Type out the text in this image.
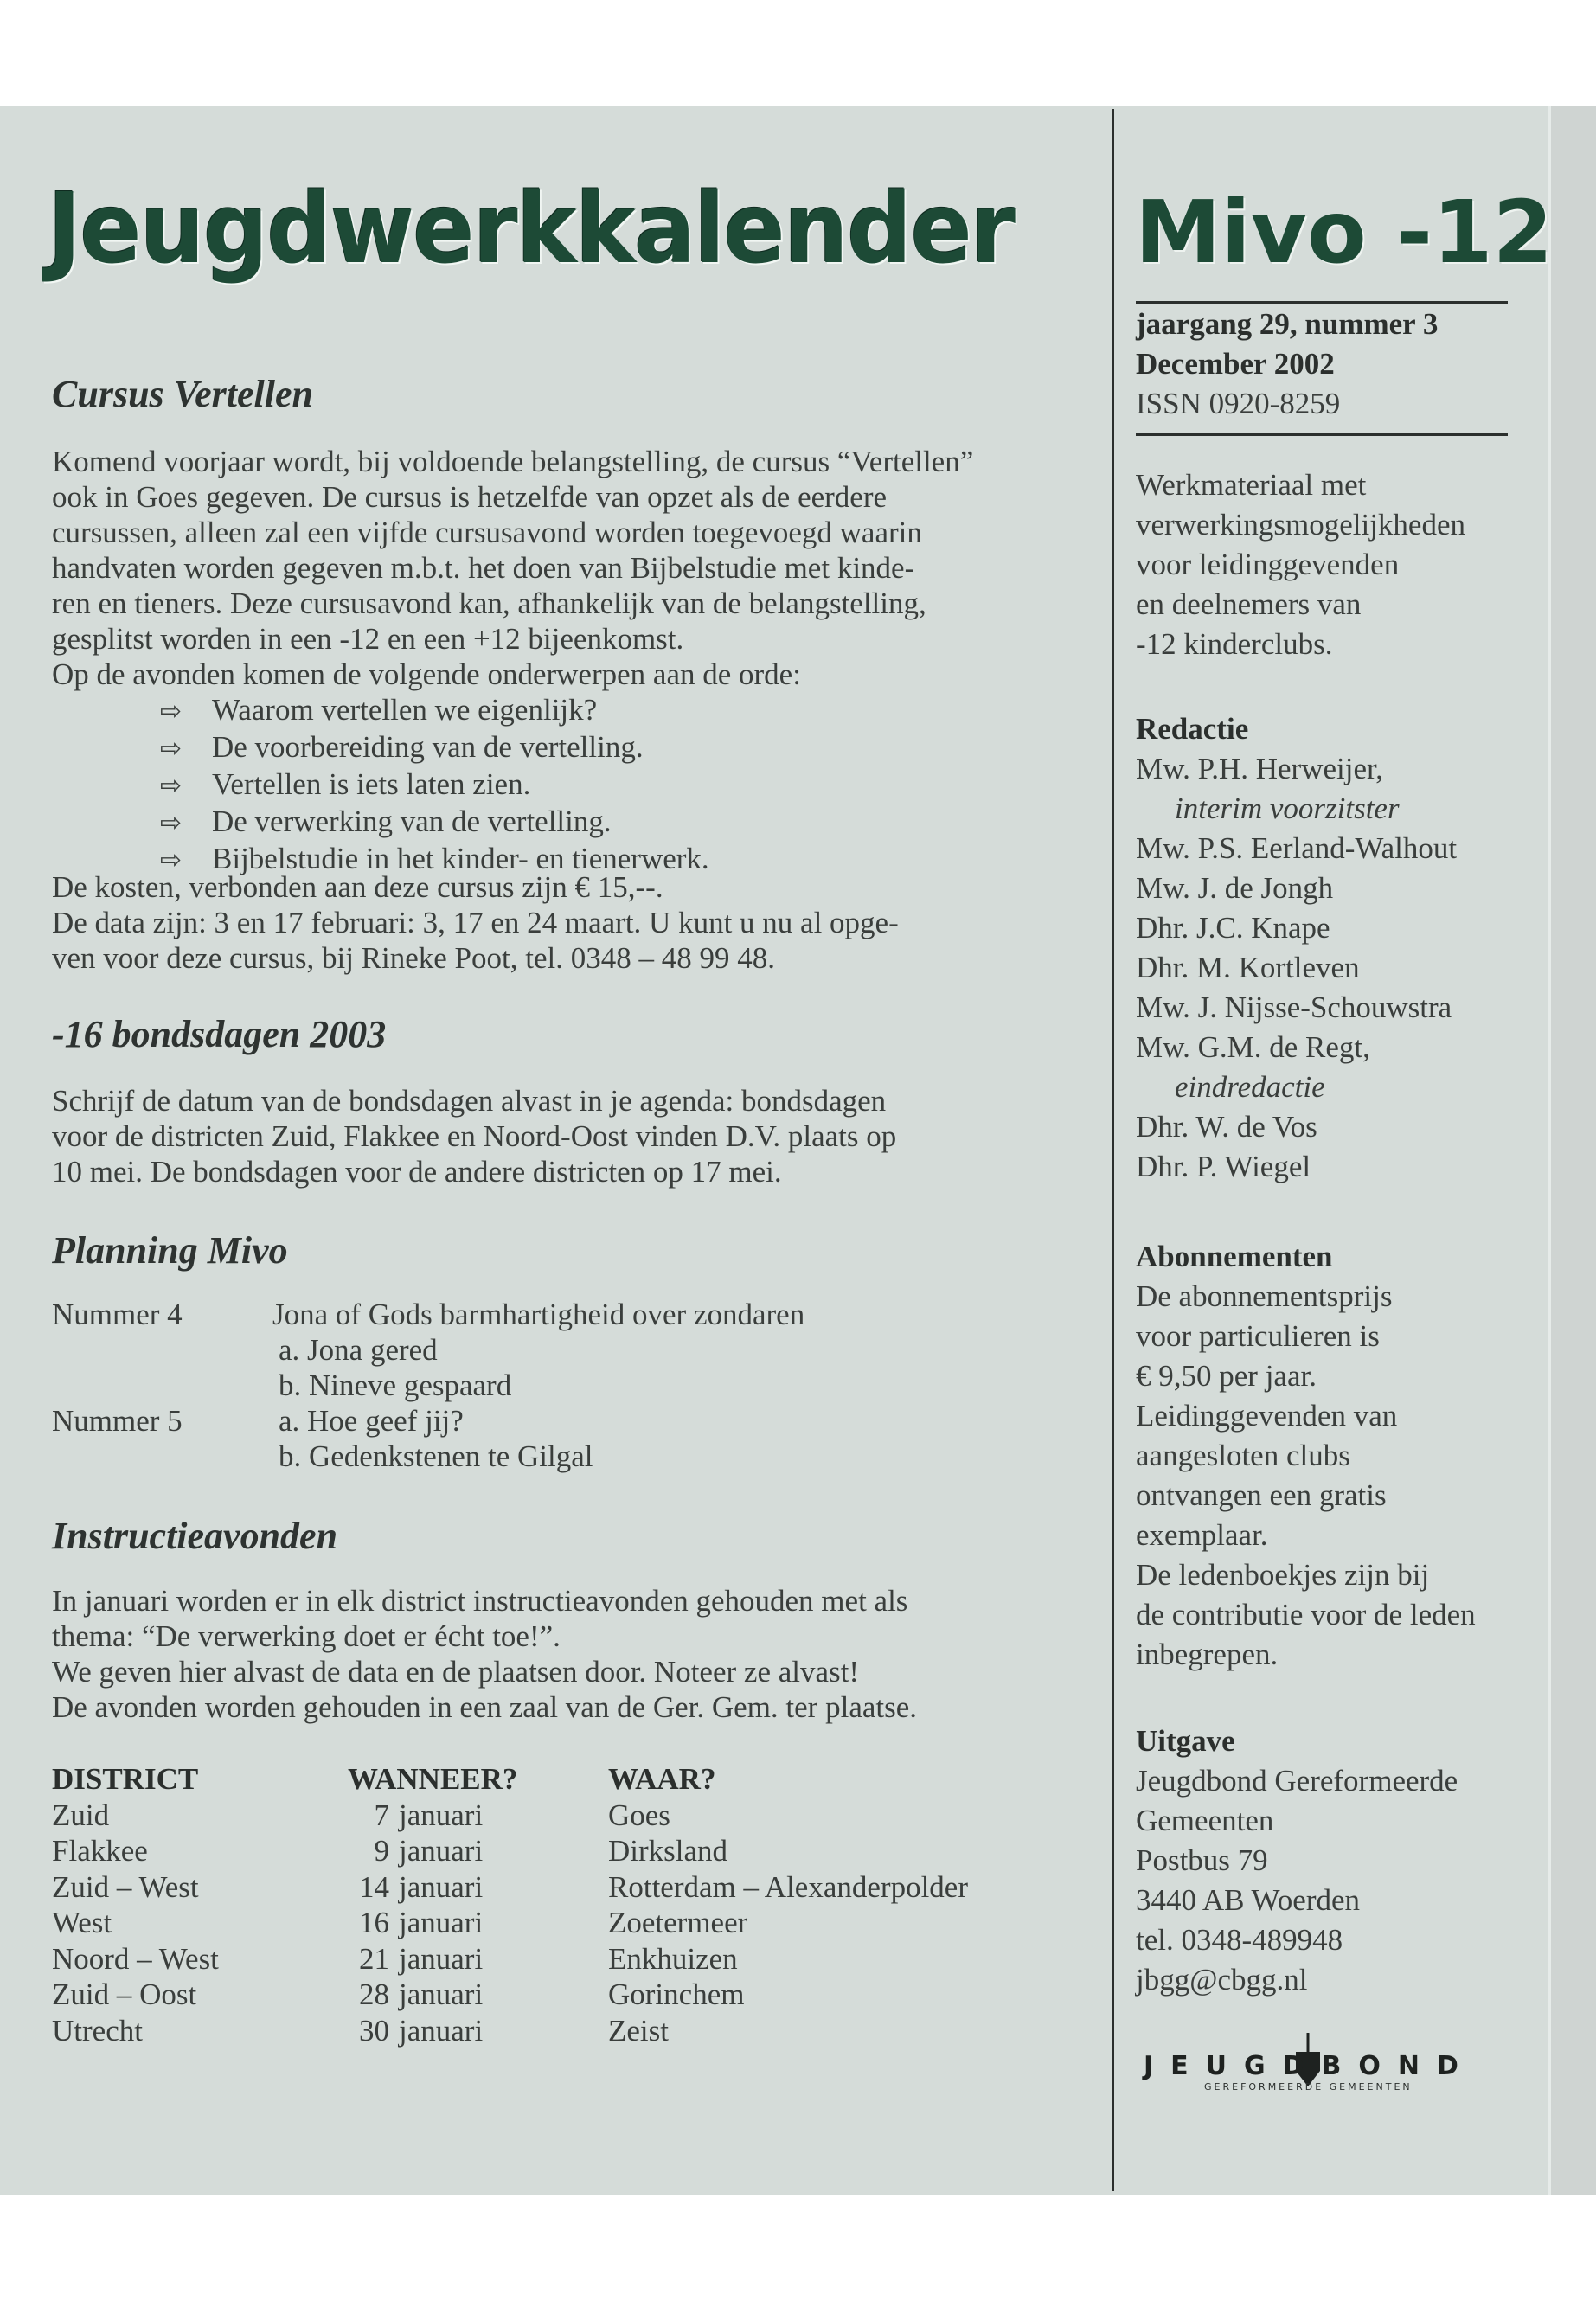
Jeugdwerkkalender Mivo -12
Cursus Vertellen

Komend voorjaar wordt, bij voldoende belangstelling, de cursus “Vertellen”

ook in Goes gegeven. De cursus is hetzelfde van opzet als de eerdere

cursussen, alleen zal een vijfde cursusavond worden toegevoegd waarin

handvaten worden gegeven m.b.t. het doen van Bijbelstudie met kinde-

ren en tieners. Deze cursusavond kan, afhankelijk van de belangstelling,

gesplitst worden in een -12 en een +12 bijeenkomst.

Op de avonden komen de volgende onderwerpen aan de orde:

⇨ Waarom vertellen we eigenlijk?
⇨ De voorbereiding van de vertelling.
⇨ Vertellen is iets laten zien.
⇨ De verwerking van de vertelling.
⇨ Bijbelstudie in het kinder- en tienerwerk.

De kosten, verbonden aan deze cursus zijn € 15,--.

De data zijn: 3 en 17 februari: 3, 17 en 24 maart. U kunt u nu al opge-

ven voor deze cursus, bij Rineke Poot, tel. 0348 – 48 99 48.

-16 bondsdagen 2003

Schrijf de datum van de bondsdagen alvast in je agenda: bondsdagen

voor de districten Zuid, Flakkee en Noord-Oost vinden D.V. plaats op

10 mei. De bondsdagen voor de andere districten op 17 mei.

Planning Mivo
Nummer 4	Jona of Gods barmhartigheid over zondaren
a. Jona gered
b. Nineve gespaard
Nummer 5	a. Hoe geef jij?
b. Gedenkstenen te Gilgal
Instructieavonden

In januari worden er in elk district instructieavonden gehouden met als

thema: “De verwerking doet er écht toe!”.

We geven hier alvast de data en de plaatsen door. Noteer ze alvast!

De avonden worden gehouden in een zaal van de Ger. Gem. ter plaatse.

DISTRICT
Zuid
Flakkee
Zuid – West
West
Noord – West
Zuid – Oost
Utrecht
WANNEER?
7
9
14
16
21
28
30
januari
januari
januari
januari
januari
januari
januari
WAAR?
Goes
Dirksland
Rotterdam – Alexanderpolder
Zoetermeer
Enkhuizen
Gorinchem
Zeist
jaargang 29, nummer 3
December 2002
ISSN 0920-8259
Werkmateriaal met
verwerkingsmogelijkheden
voor leidinggevenden
en deelnemers van
-12 kinderclubs.
Redactie
Mw. P.H. Herweijer,
interim voorzitster
Mw. P.S. Eerland-Walhout
Mw. J. de Jongh
Dhr. J.C. Knape
Dhr. M. Kortleven
Mw. J. Nijsse-Schouwstra
Mw. G.M. de Regt,
eindredactie
Dhr. W. de Vos
Dhr. P. Wiegel
Abonnementen
De abonnementsprijs
voor particulieren is
€ 9,50 per jaar.
Leidinggevenden van
aangesloten clubs
ontvangen een gratis
exemplaar.
De ledenboekjes zijn bij
de contributie voor de leden
inbegrepen.
Uitgave
Jeugdbond Gereformeerde
Gemeenten
Postbus 79
3440 AB Woerden
tel. 0348-489948
jbgg@cbgg.nl
JEUGDBOND
GEREFORMEERDE GEMEENTEN
